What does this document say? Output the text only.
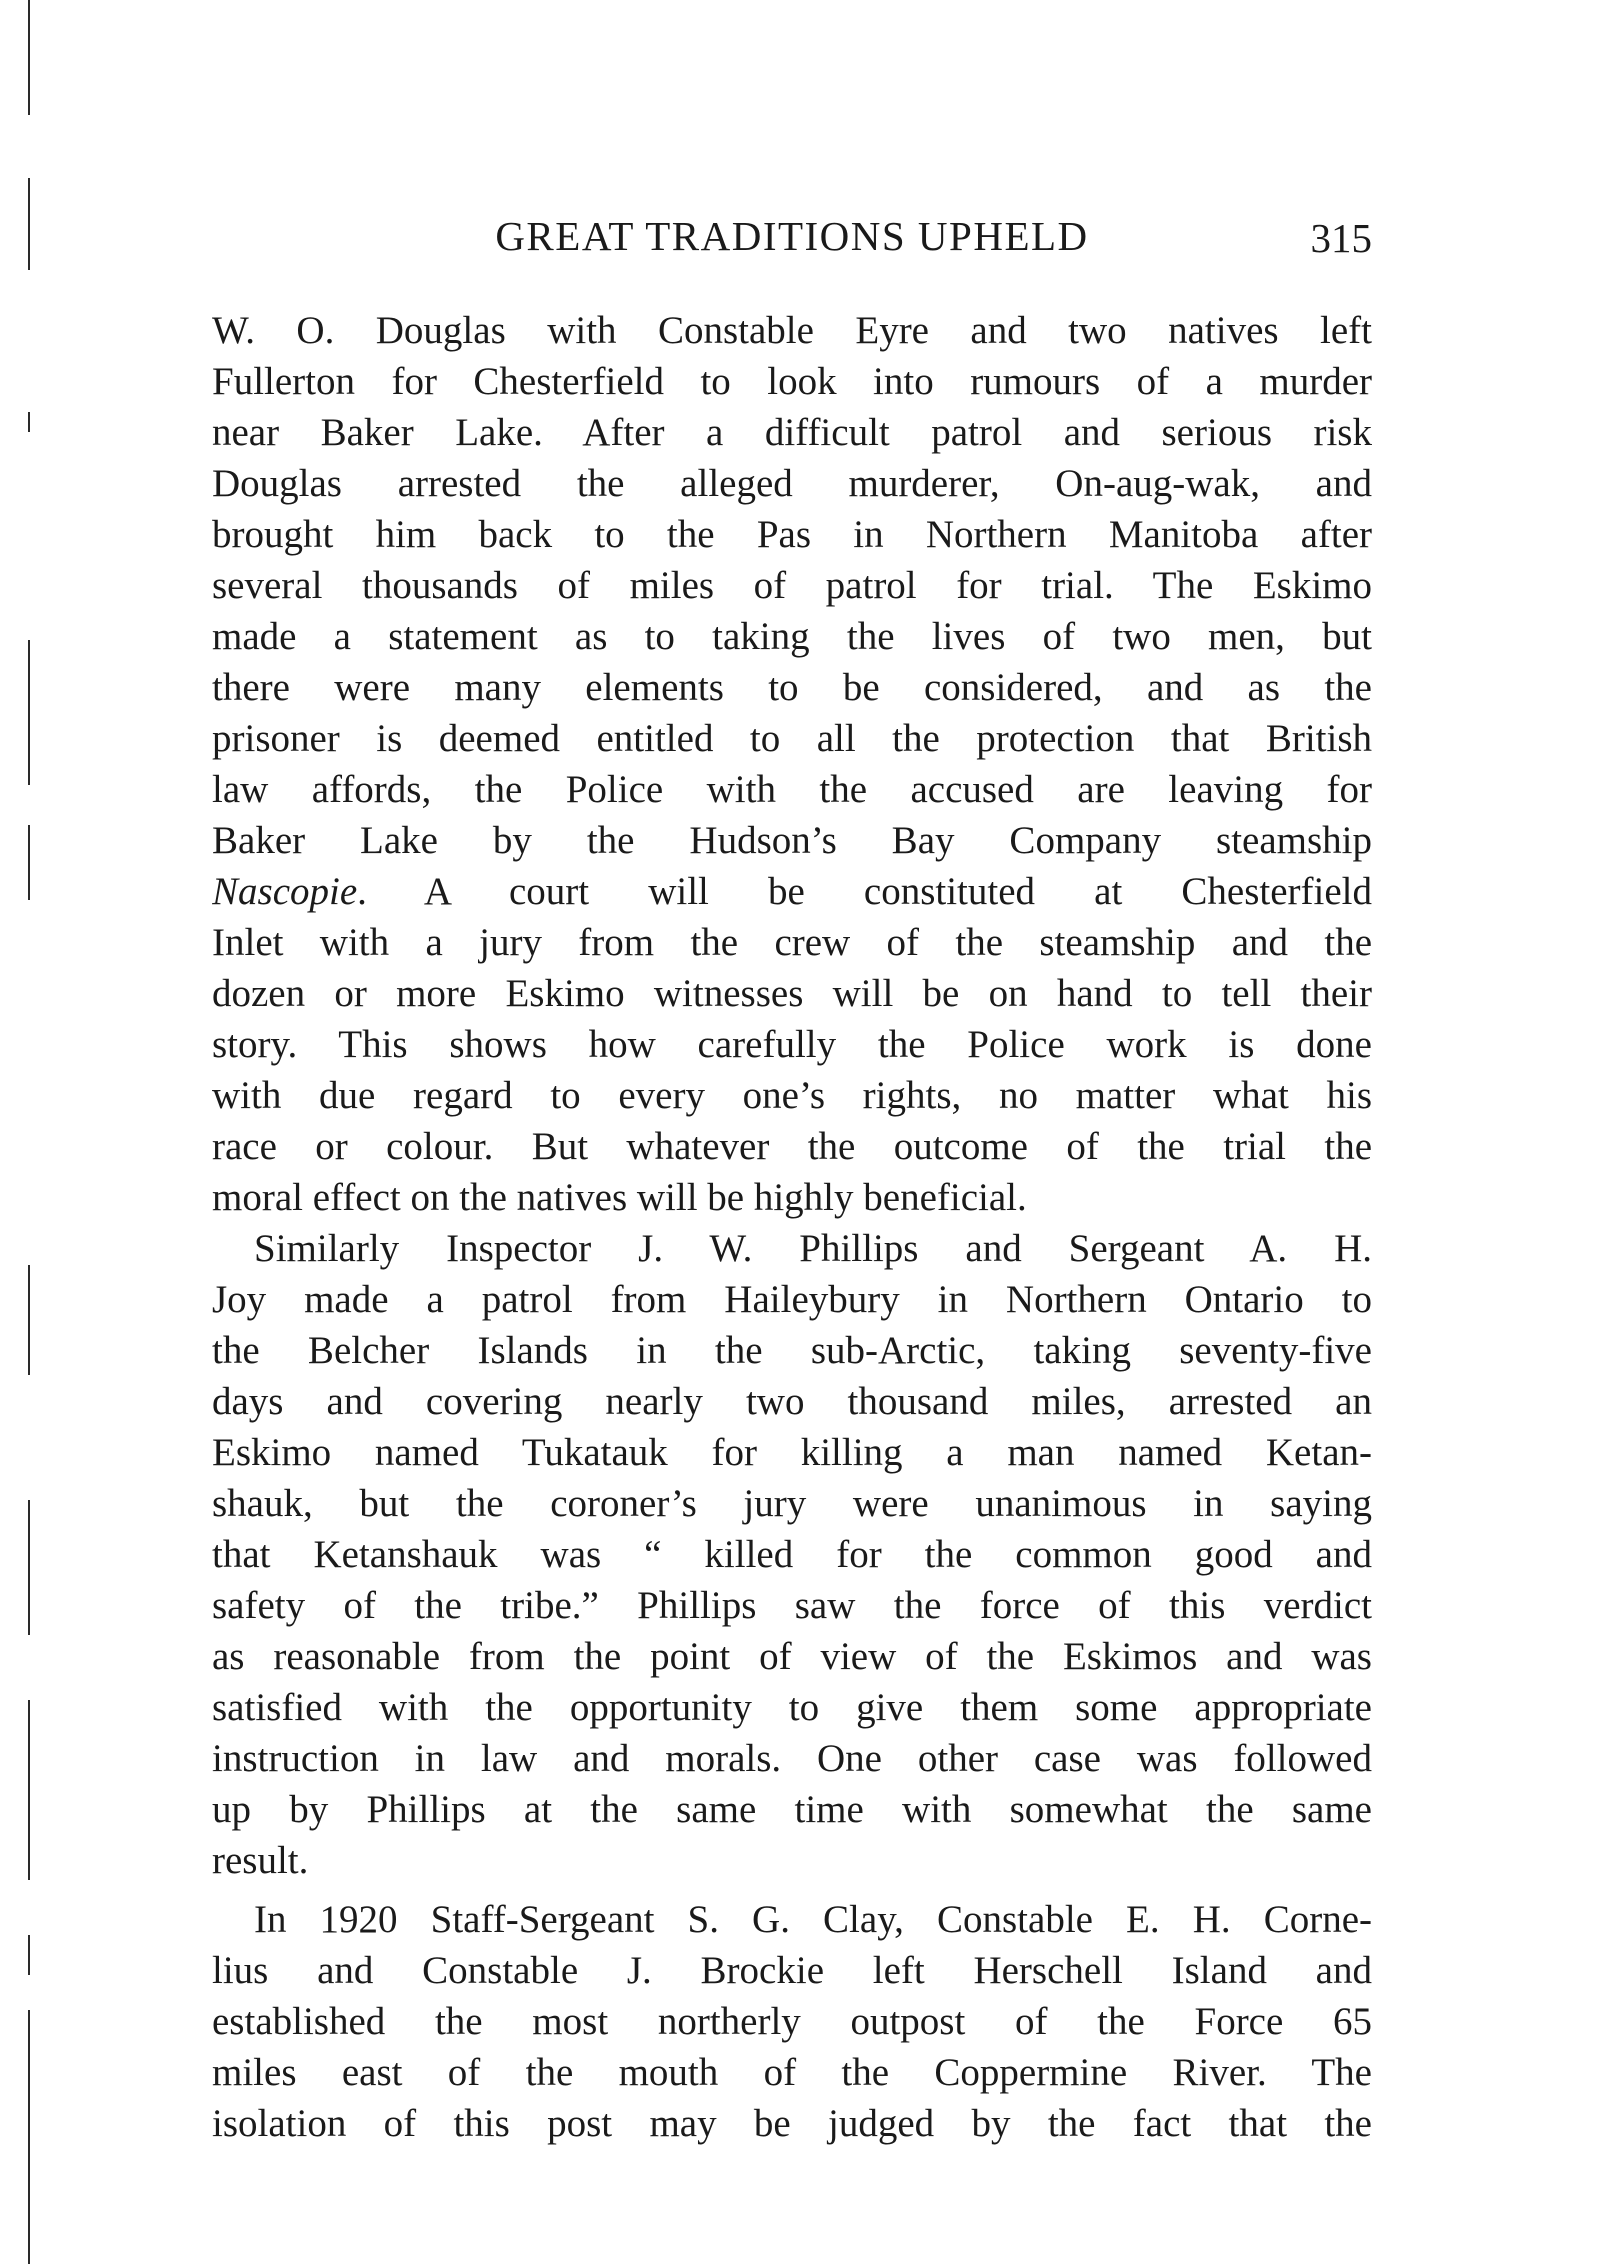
GREAT TRADITIONS UPHELD	315
W. O. Douglas with Constable Eyre and two natives left
Fullerton for Chesterfield to look into rumours of a murder
near Baker Lake. After a difficult patrol and serious risk
Douglas arrested the alleged murderer, On-aug-wak, and
brought him back to the Pas in Northern Manitoba after
several thousands of miles of patrol for trial. The Eskimo
made a statement as to taking the lives of two men, but
there were many elements to be considered, and as the
prisoner is deemed entitled to all the protection that British
law affords, the Police with the accused are leaving for
Baker Lake by the Hudson’s Bay Company steamship
Nascopie. A court will be constituted at Chesterfield
Inlet with a jury from the crew of the steamship and the
dozen or more Eskimo witnesses will be on hand to tell their
story. This shows how carefully the Police work is done
with due regard to every one’s rights, no matter what his
race or colour. But whatever the outcome of the trial the
moral effect on the natives will be highly beneficial.
Similarly Inspector J. W. Phillips and Sergeant A. H.
Joy made a patrol from Haileybury in Northern Ontario to
the Belcher Islands in the sub-Arctic, taking seventy-five
days and covering nearly two thousand miles, arrested an
Eskimo named Tukatauk for killing a man named Ketan-
shauk, but the coroner’s jury were unanimous in saying
that Ketanshauk was “ killed for the common good and
safety of the tribe.” Phillips saw the force of this verdict
as reasonable from the point of view of the Eskimos and was
satisfied with the opportunity to give them some appropriate
instruction in law and morals. One other case was followed
up by Phillips at the same time with somewhat the same
result.
In 1920 Staff-Sergeant S. G. Clay, Constable E. H. Corne-
lius and Constable J. Brockie left Herschell Island and
established the most northerly outpost of the Force 65
miles east of the mouth of the Coppermine River. The
isolation of this post may be judged by the fact that the
